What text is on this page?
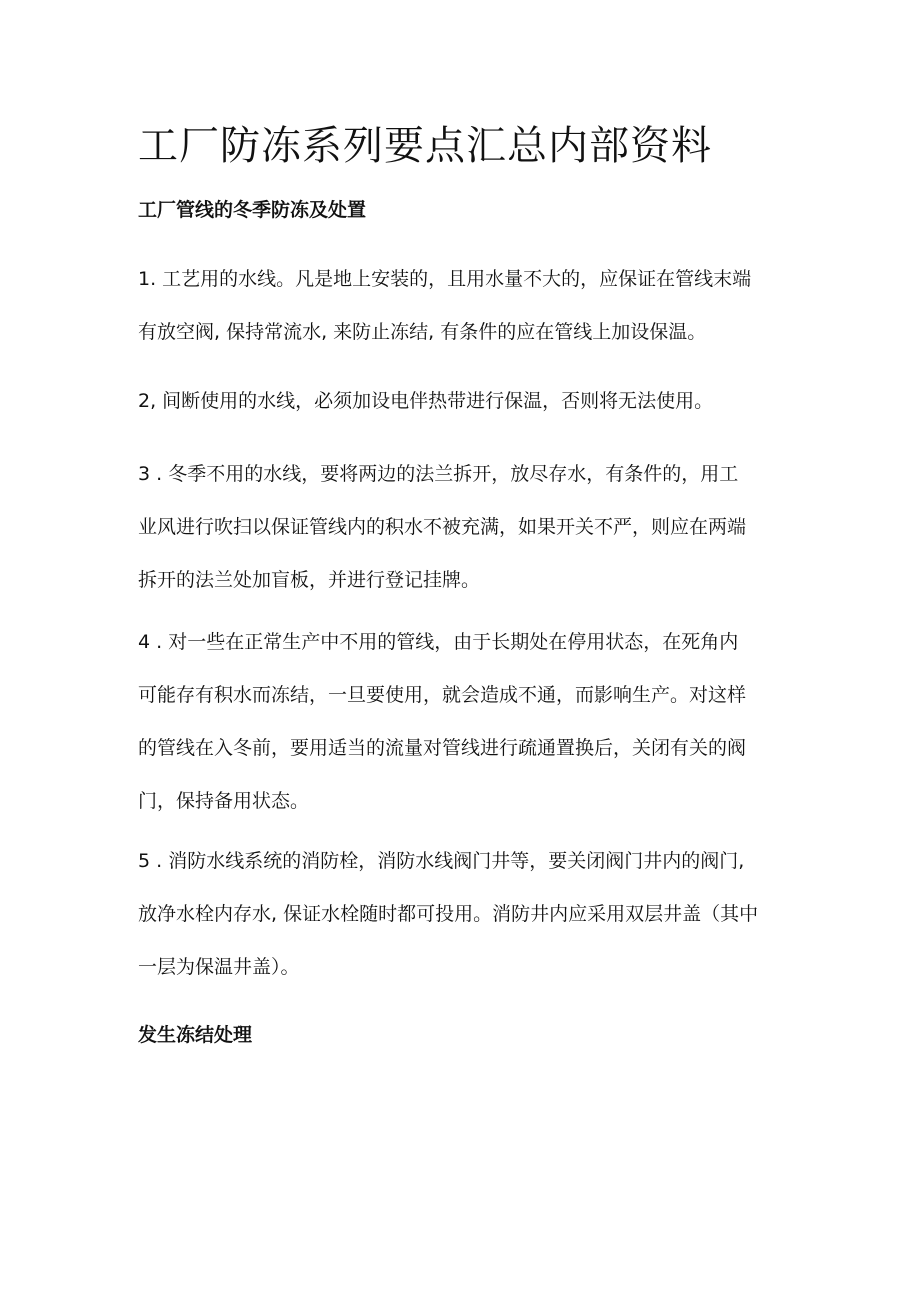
工厂防冻系列要点汇总内部资料
工厂管线的冬季防冻及处置
1. 工艺用的水线。凡是地上安装的，且用水量不大的，应保证在管线末端
有放空阀, 保持常流水, 来防止冻结, 有条件的应在管线上加设保温。
2, 间断使用的水线，必须加设电伴热带进行保温，否则将无法使用。
3 . 冬季不用的水线，要将两边的法兰拆开，放尽存水，有条件的，用工
业风进行吹扫以保证管线内的积水不被充满，如果开关不严，则应在两端
拆开的法兰处加盲板，并进行登记挂牌。
4 . 对一些在正常生产中不用的管线，由于长期处在停用状态，在死角内
可能存有积水而冻结，一旦要使用，就会造成不通，而影响生产。对这样
的管线在入冬前，要用适当的流量对管线进行疏通置换后，关闭有关的阀
门，保持备用状态。
5 . 消防水线系统的消防栓，消防水线阀门井等，要关闭阀门井内的阀门,
放净水栓内存水, 保证水栓随时都可投用。消防井内应采用双层井盖（其中
一层为保温井盖）。
发生冻结处理
